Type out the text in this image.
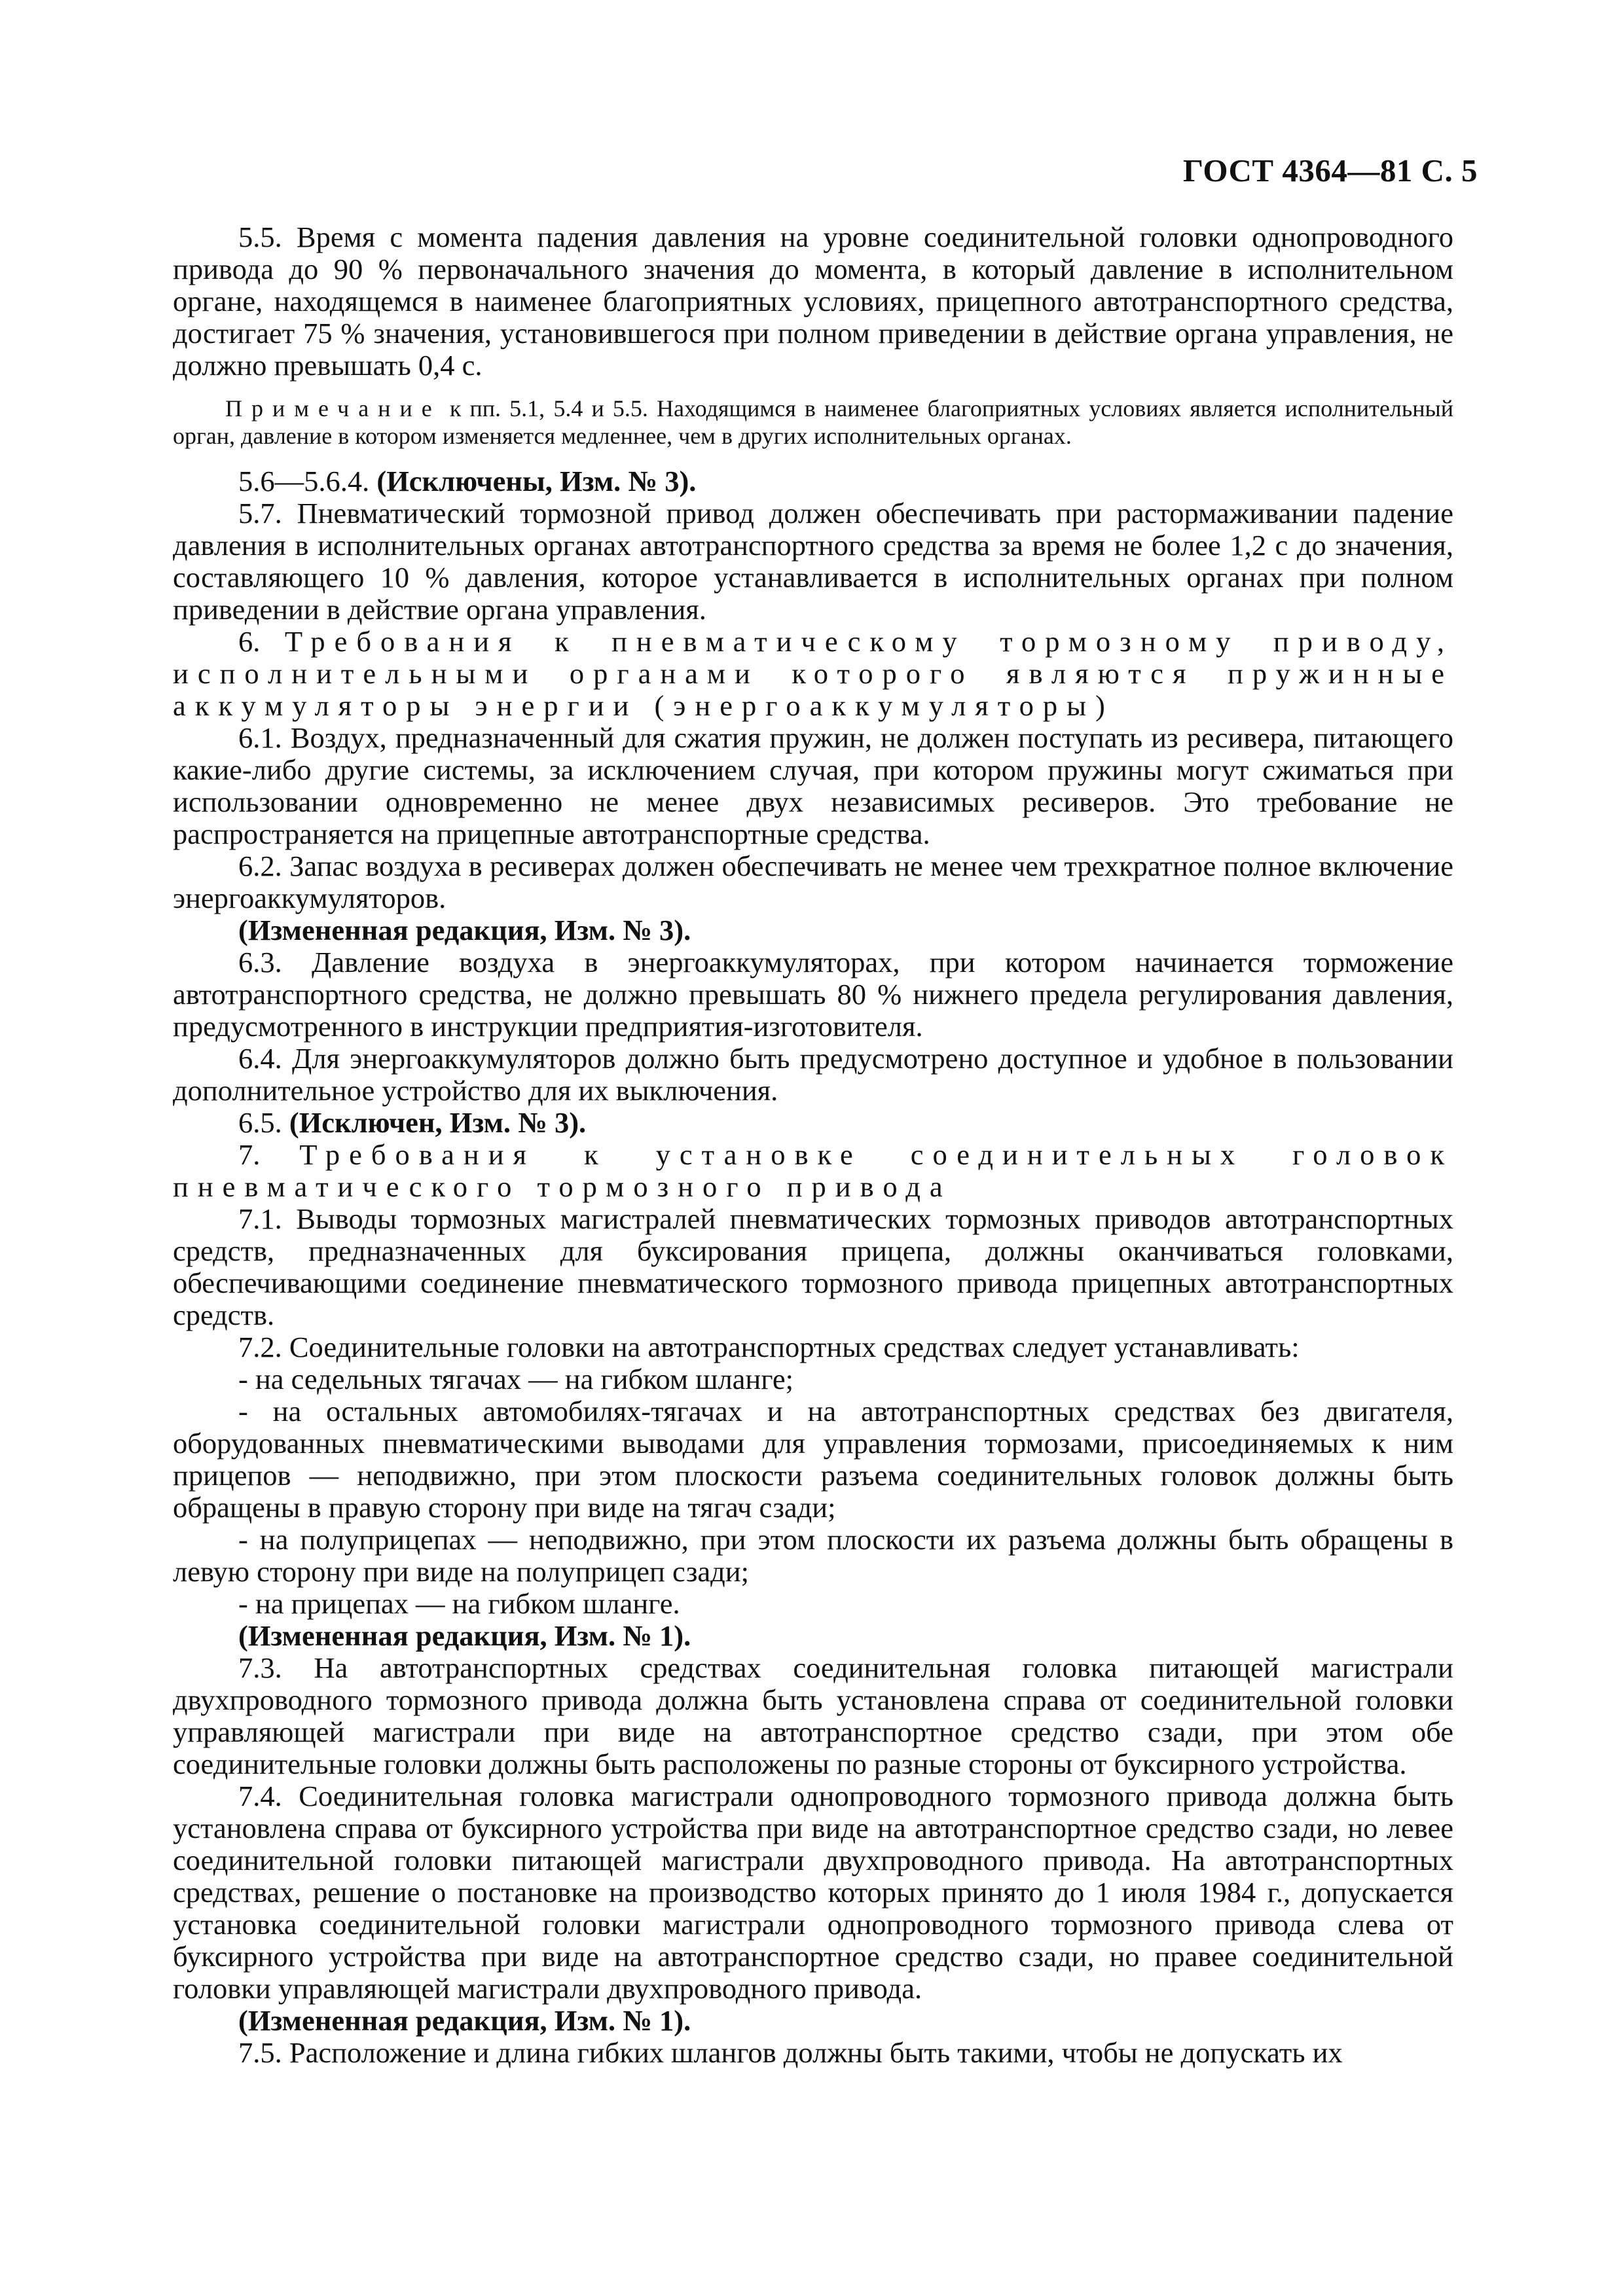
ГОСТ 4364—81 С. 5

5.5. Время с момента падения давления на уровне соединительной головки однопроводного привода до 90 % первоначального значения до момента, в который давление в исполнительном органе, находящемся в наименее благоприятных условиях, прицепного автотранспортного средства, достигает 75 % значения, установившегося при полном приведении в действие органа управления, не должно превышать 0,4 с.

Примечание к пп. 5.1, 5.4 и 5.5. Находящимся в наименее благоприятных условиях является исполнительный орган, давление в котором изменяется медленнее, чем в других исполнительных органах.

5.6—5.6.4. (Исключены, Изм. № 3).

5.7. Пневматический тормозной привод должен обеспечивать при растормаживании падение давления в исполнительных органах автотранспортного средства за время не более 1,2 с до значения, составляющего 10 % давления, которое устанавливается в исполнительных органах при полном приведении в действие органа управления.

6. Требования к пневматическому тормозному приводу, исполнительными органами которого являются пружинные аккумуляторы энергии (энергоаккумуляторы)

6.1. Воздух, предназначенный для сжатия пружин, не должен поступать из ресивера, питающего какие-либо другие системы, за исключением случая, при котором пружины могут сжиматься при использовании одновременно не менее двух независимых ресиверов. Это требование не распространяется на прицепные автотранспортные средства.

6.2. Запас воздуха в ресиверах должен обеспечивать не менее чем трехкратное полное включение энергоаккумуляторов.

(Измененная редакция, Изм. № 3).

6.3. Давление воздуха в энергоаккумуляторах, при котором начинается торможение автотранспортного средства, не должно превышать 80 % нижнего предела регулирования давления, предусмотренного в инструкции предприятия-изготовителя.

6.4. Для энергоаккумуляторов должно быть предусмотрено доступное и удобное в пользовании дополнительное устройство для их выключения.

6.5. (Исключен, Изм. № 3).

7. Требования к установке соединительных головок пневматического тормозного привода

7.1. Выводы тормозных магистралей пневматических тормозных приводов автотранспортных средств, предназначенных для буксирования прицепа, должны оканчиваться головками, обеспечивающими соединение пневматического тормозного привода прицепных автотранспортных средств.

7.2. Соединительные головки на автотранспортных средствах следует устанавливать:

- на седельных тягачах — на гибком шланге;

- на остальных автомобилях-тягачах и на автотранспортных средствах без двигателя, оборудованных пневматическими выводами для управления тормозами, присоединяемых к ним прицепов — неподвижно, при этом плоскости разъема соединительных головок должны быть обращены в правую сторону при виде на тягач сзади;

- на полуприцепах — неподвижно, при этом плоскости их разъема должны быть обращены в левую сторону при виде на полуприцеп сзади;

- на прицепах — на гибком шланге.

(Измененная редакция, Изм. № 1).

7.3. На автотранспортных средствах соединительная головка питающей магистрали двухпроводного тормозного привода должна быть установлена справа от соединительной головки управляющей магистрали при виде на автотранспортное средство сзади, при этом обе соединительные головки должны быть расположены по разные стороны от буксирного устройства.

7.4. Соединительная головка магистрали однопроводного тормозного привода должна быть установлена справа от буксирного устройства при виде на автотранспортное средство сзади, но левее соединительной головки питающей магистрали двухпроводного привода. На автотранспортных средствах, решение о постановке на производство которых принято до 1 июля 1984 г., допускается установка соединительной головки магистрали однопроводного тормозного привода слева от буксирного устройства при виде на автотранспортное средство сзади, но правее соединительной головки управляющей магистрали двухпроводного привода.

(Измененная редакция, Изм. № 1).

7.5. Расположение и длина гибких шлангов должны быть такими, чтобы не допускать их
